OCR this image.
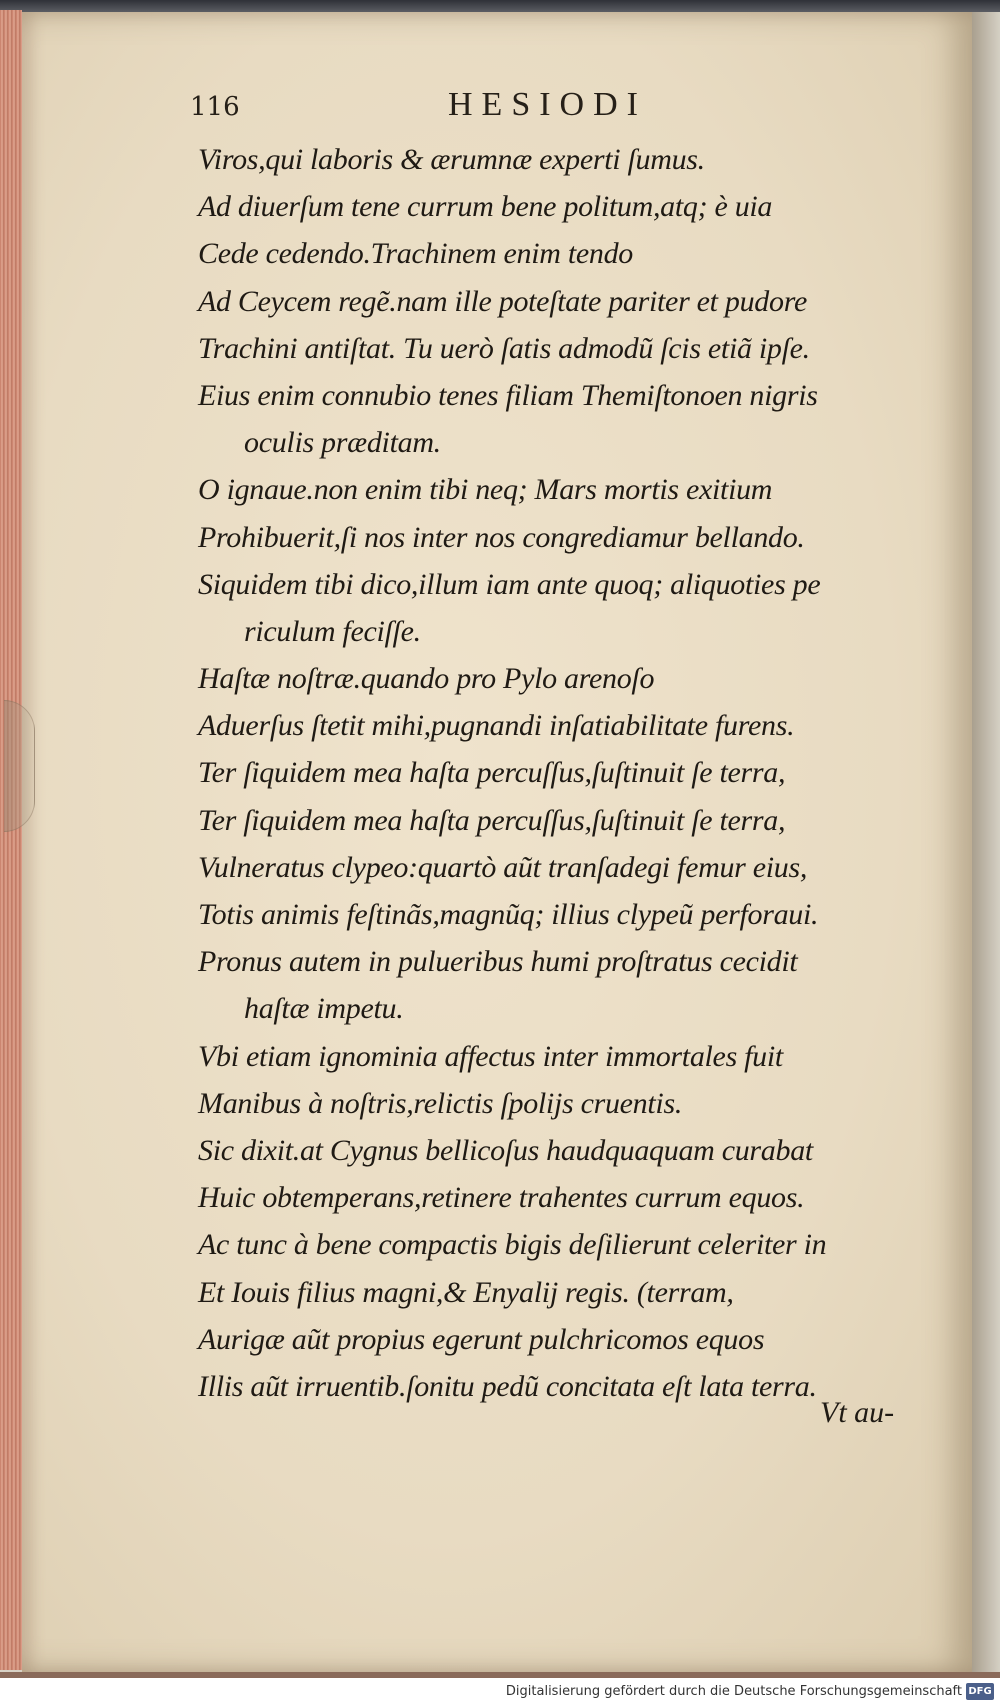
116	HESIODI
Viros,qui laboris & ærumnæ experti ſumus.
Ad diuerſum tene currum bene politum,atq; è uia
Cede cedendo.Trachinem enim tendo
Ad Ceycem regẽ.nam ille poteſtate pariter et pudore
Trachini antiſtat. Tu uerò ſatis admodũ ſcis etiã ipſe.
Eius enim connubio tenes filiam Themiſtonoen nigris
oculis præditam.
O ignaue.non enim tibi neq; Mars mortis exitium
Prohibuerit,ſi nos inter nos congrediamur bellando.
Siquidem tibi dico,illum iam ante quoq; aliquoties pe
riculum feciſſe.
Haſtæ noſtræ.quando pro Pylo arenoſo
Aduerſus ſtetit mihi,pugnandi inſatiabilitate furens.
Ter ſiquidem mea haſta percuſſus,ſuſtinuit ſe terra,
Ter ſiquidem mea haſta percuſſus,ſuſtinuit ſe terra,
Vulneratus clypeo:quartò aũt tranſadegi femur eius,
Totis animis feſtinãs,magnũq; illius clypeũ perforaui.
Pronus autem in pulueribus humi proſtratus cecidit
haſtæ impetu.
Vbi etiam ignominia affectus inter immortales fuit
Manibus à noſtris,relictis ſpolijs cruentis.
Sic dixit.at Cygnus bellicoſus haudquaquam curabat
Huic obtemperans,retinere trahentes currum equos.
Ac tunc à bene compactis bigis deſilierunt celeriter in
Et Iouis filius magni,& Enyalij regis. (terram,
Aurigæ aũt propius egerunt pulchricomos equos
Illis aũt irruentib.ſonitu pedũ concitata eſt lata terra.
Vt au-
Digitalisierung gefördert durch die Deutsche Forschungsgemeinschaft DFG
